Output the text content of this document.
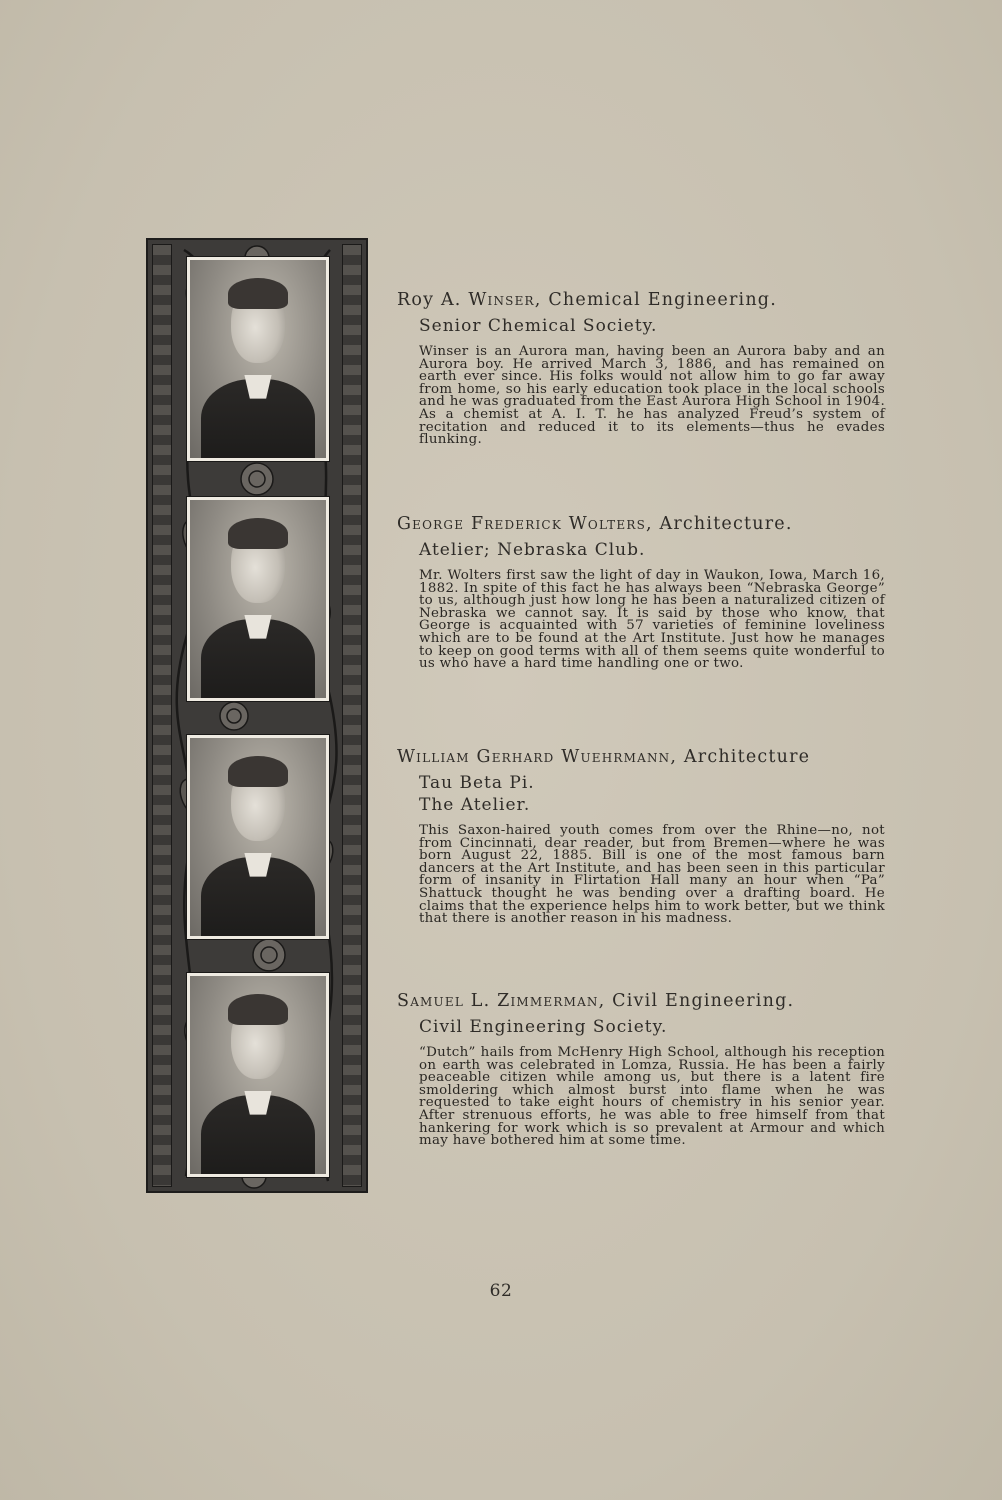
Roy A. Winser, Chemical Engineering.
Senior Chemical Society.

Winser is an Aurora man, having been an Aurora baby and an Aurora boy. He arrived March 3, 1886, and has remained on earth ever since. His folks would not allow him to go far away from home, so his early education took place in the local schools and he was graduated from the East Aurora High School in 1904. As a chemist at A. I. T. he has analyzed Freud’s system of recitation and reduced it to its elements—thus he evades flunking.

George Frederick Wolters, Architecture.
Atelier; Nebraska Club.

Mr. Wolters first saw the light of day in Waukon, Iowa, March 16, 1882. In spite of this fact he has always been “Nebraska George” to us, although just how long he has been a naturalized citizen of Nebraska we cannot say. It is said by those who know, that George is acquainted with 57 varieties of feminine loveliness which are to be found at the Art Institute. Just how he manages to keep on good terms with all of them seems quite wonderful to us who have a hard time handling one or two.

William Gerhard Wuehrmann, Architecture
Tau Beta Pi.
The Atelier.

This Saxon-haired youth comes from over the Rhine—no, not from Cincinnati, dear reader, but from Bremen—where he was born August 22, 1885. Bill is one of the most famous barn dancers at the Art Institute, and has been seen in this particular form of insanity in Flirtation Hall many an hour when “Pa” Shattuck thought he was bending over a drafting board. He claims that the experience helps him to work better, but we think that there is another reason in his madness.

Samuel L. Zimmerman, Civil Engineering.
Civil Engineering Society.

“Dutch” hails from McHenry High School, although his reception on earth was celebrated in Lomza, Russia. He has been a fairly peaceable citizen while among us, but there is a latent fire smoldering which almost burst into flame when he was requested to take eight hours of chemistry in his senior year. After strenuous efforts, he was able to free himself from that hankering for work which is so prevalent at Armour and which may have bothered him at some time.

62
